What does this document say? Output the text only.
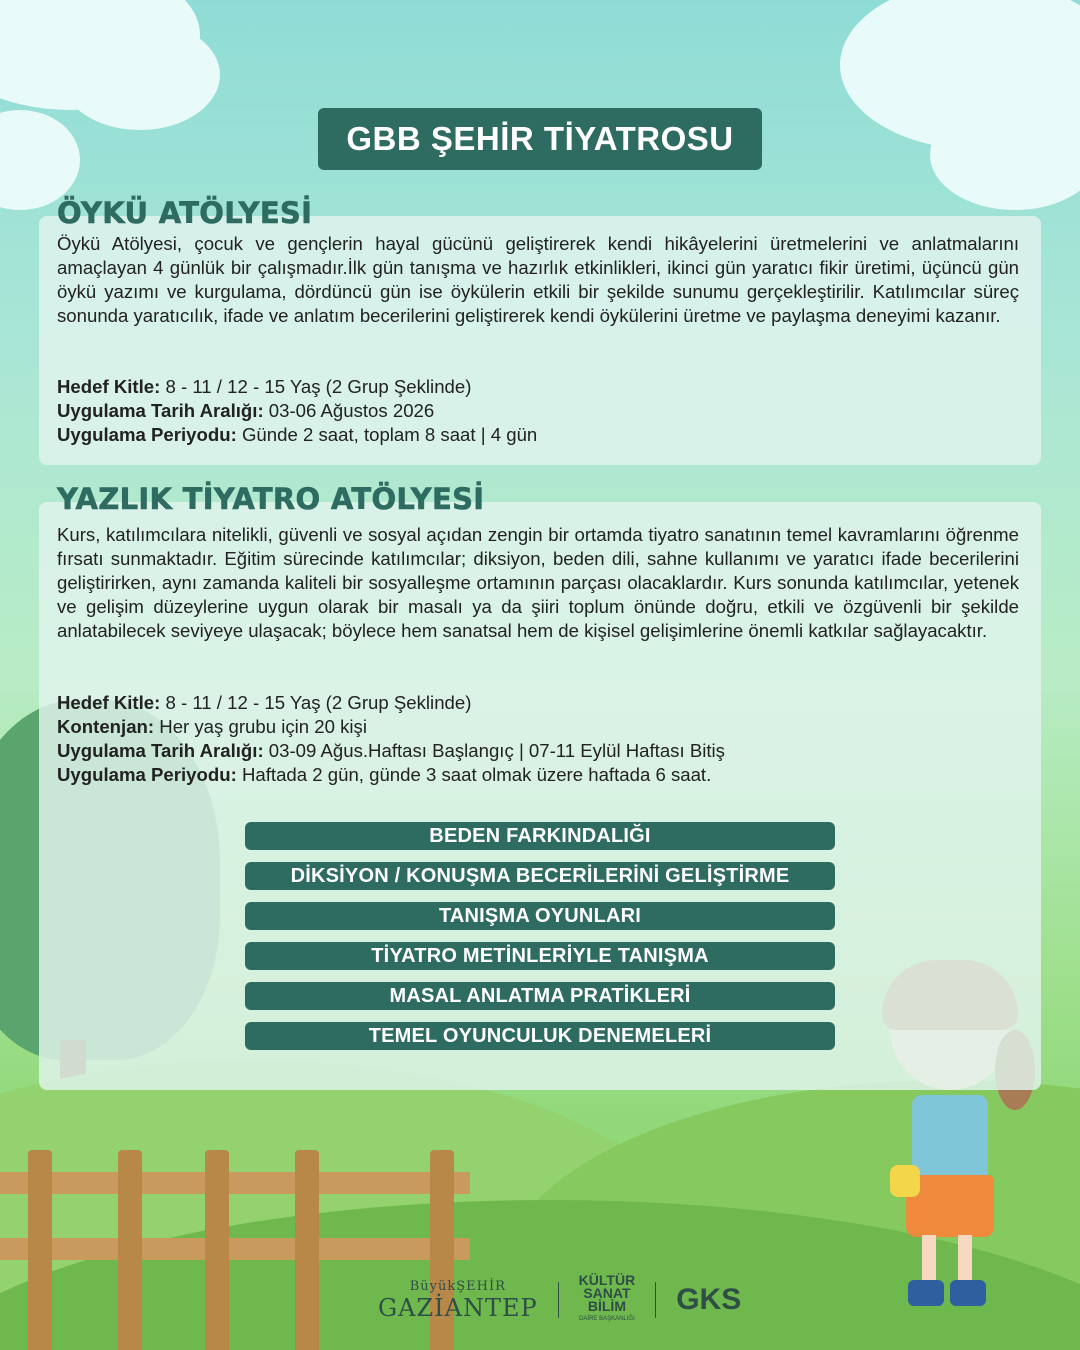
GBB ŞEHİR TİYATROSU
ÖYKÜ ATÖLYESİ

Öykü Atölyesi, çocuk ve gençlerin hayal gücünü geliştirerek kendi hikâyelerini üretmelerini ve anlatmalarını amaçlayan 4 günlük bir çalışmadır.İlk gün tanışma ve hazırlık etkinlikleri, ikinci gün yaratıcı fikir üretimi, üçüncü gün öykü yazımı ve kurgulama, dördüncü gün ise öykülerin etkili bir şekilde sunumu gerçekleştirilir. Katılımcılar süreç sonunda yaratıcılık, ifade ve anlatım becerilerini geliştirerek kendi öykülerini üretme ve paylaşma deneyimi kazanır.

Hedef Kitle: 8 - 11 / 12 - 15 Yaş (2 Grup Şeklinde)
Uygulama Tarih Aralığı: 03-06 Ağustos 2026
Uygulama Periyodu: Günde 2 saat, toplam 8 saat | 4 gün
YAZLIK TİYATRO ATÖLYESİ

Kurs, katılımcılara nitelikli, güvenli ve sosyal açıdan zengin bir ortamda tiyatro sanatının temel kavramlarını öğrenme fırsatı sunmaktadır. Eğitim sürecinde katılımcılar; diksiyon, beden dili, sahne kullanımı ve yaratıcı ifade becerilerini geliştirirken, aynı zamanda kaliteli bir sosyalleşme ortamının parçası olacaklardır. Kurs sonunda katılımcılar, yetenek ve gelişim düzeylerine uygun olarak bir masalı ya da şiiri toplum önünde doğru, etkili ve özgüvenli bir şekilde anlatabilecek seviyeye ulaşacak; böylece hem sanatsal hem de kişisel gelişimlerine önemli katkılar sağlayacaktır.

Hedef Kitle: 8 - 11 / 12 - 15 Yaş (2 Grup Şeklinde)
Kontenjan: Her yaş grubu için 20 kişi
Uygulama Tarih Aralığı: 03-09 Ağus.Haftası Başlangıç | 07-11 Eylül Haftası Bitiş
Uygulama Periyodu: Haftada 2 gün, günde 3 saat olmak üzere haftada 6 saat.
BEDEN FARKINDALIĞI
DİKSİYON / KONUŞMA BECERİLERİNİ GELİŞTİRME
TANIŞMA OYUNLARI
TİYATRO METİNLERİYLE TANIŞMA
MASAL ANLATMA PRATİKLERİ
TEMEL OYUNCULUK DENEMELERİ
BüyükŞEHİR
GAZİANTEP
KÜLTÜR
SANAT
BİLİM
DAİRE BAŞKANLIĞI
GKS
